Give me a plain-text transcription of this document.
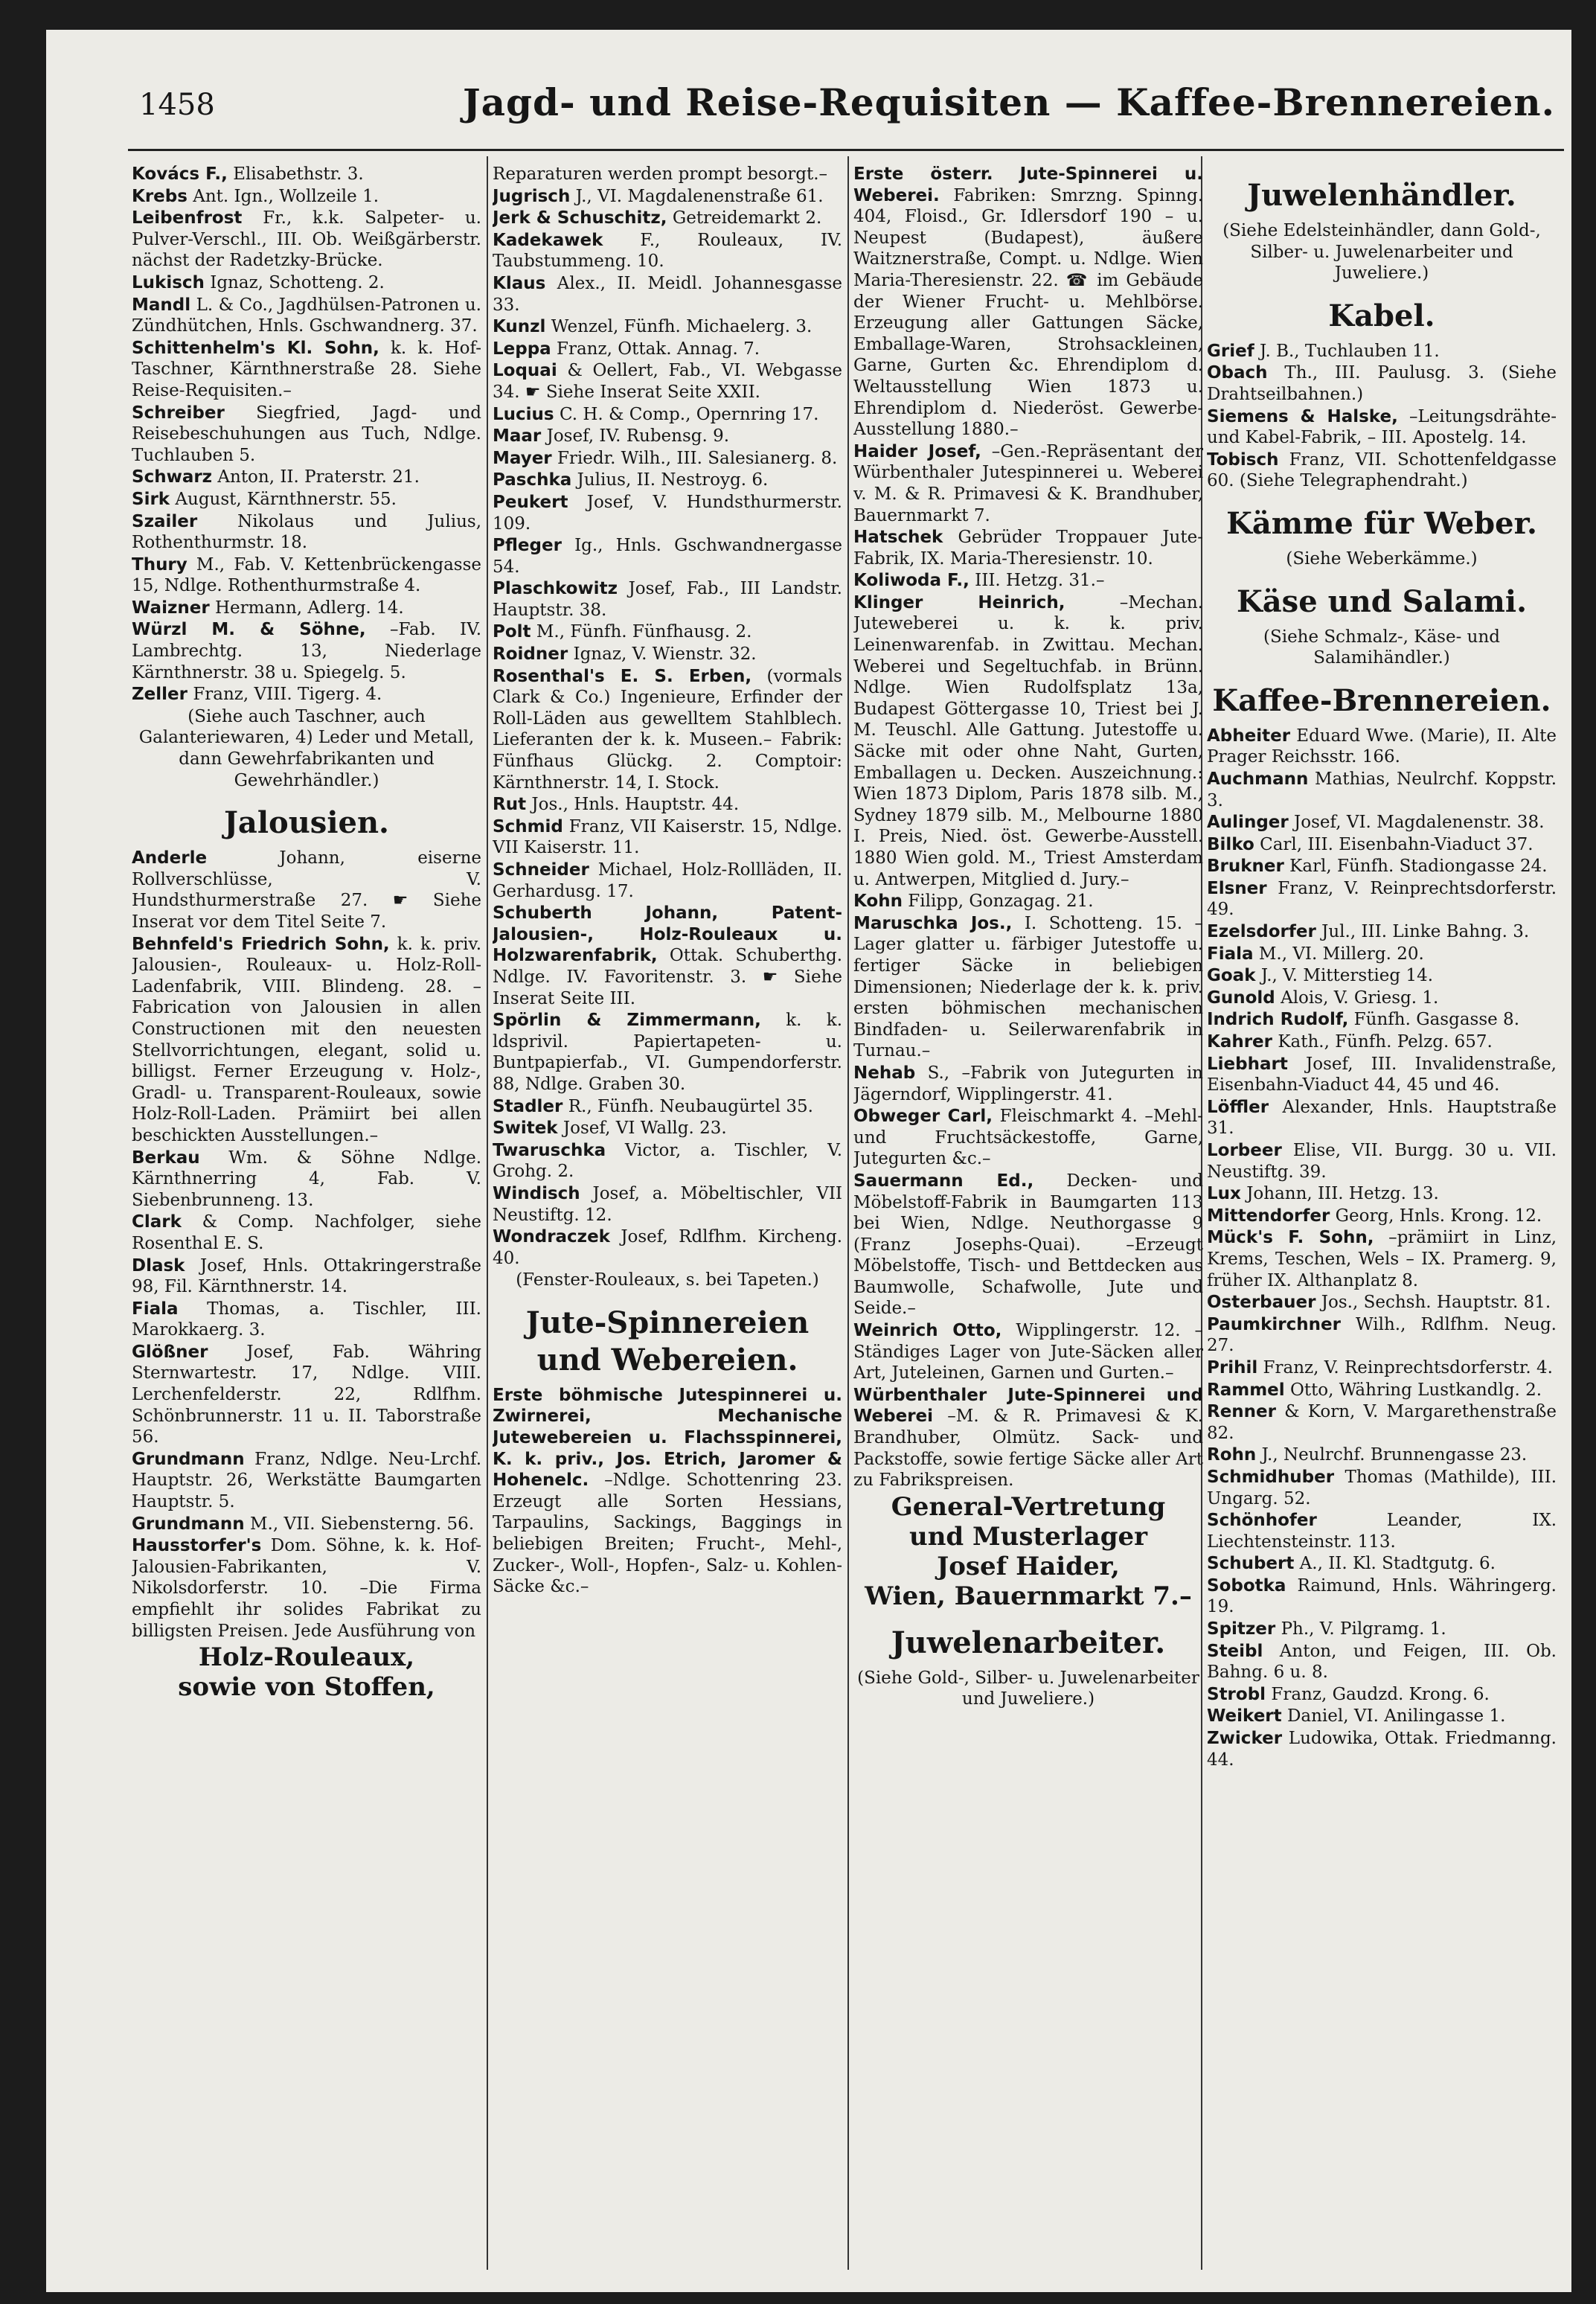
1458	Jagd- und Reise-Requisiten — Kaffee-Brennereien.
Kovács F., Elisabethstr. 3.
Krebs Ant. Ign., Wollzeile 1.
Leibenfrost Fr., k.k. Salpeter- u. Pulver-Verschl., III. Ob. Weißgärberstr. nächst der Radetzky-Brücke.
Lukisch Ignaz, Schotteng. 2.
Mandl L. & Co., Jagdhülsen-Patronen u. Zündhütchen, Hnls. Gschwandnerg. 37.
Schittenhelm's Kl. Sohn, k. k. Hof-Taschner, Kärnthnerstraße 28. Siehe Reise-Requisiten.–
Schreiber Siegfried, Jagd- und Reisebeschuhungen aus Tuch, Ndlge. Tuchlauben 5.
Schwarz Anton, II. Praterstr. 21.
Sirk August, Kärnthnerstr. 55.
Szailer Nikolaus und Julius, Rothenthurmstr. 18.
Thury M., Fab. V. Kettenbrückengasse 15, Ndlge. Rothenthurmstraße 4.
Waizner Hermann, Adlerg. 14.
Würzl M. & Söhne, –Fab. IV. Lambrechtg. 13, Niederlage Kärnthnerstr. 38 u. Spiegelg. 5.
Zeller Franz, VIII. Tigerg. 4.
(Siehe auch Taschner, auch Galanteriewaren, 4) Leder und Metall, dann Gewehrfabrikanten und Gewehrhändler.)
Jalousien.
Anderle	Johann, eiserne Rollverschlüsse, V. Hundsthurmerstraße 27. ☛ Siehe Inserat vor dem Titel Seite 7.
Behnfeld's Friedrich Sohn, k. k. priv. Jalousien-, Rouleaux- u. Holz-Roll-Ladenfabrik, VIII. Blindeng. 28. –Fabrication von Jalousien in allen Constructionen mit den neuesten Stellvorrichtungen, elegant, solid u. billigst. Ferner Erzeugung v. Holz-, Gradl- u. Transparent-Rouleaux, sowie Holz-Roll-Laden. Prämiirt bei allen beschickten Ausstellungen.–
Berkau Wm. & Söhne Ndlge. Kärnthnerring 4, Fab. V. Siebenbrunneng. 13.
Clark & Comp. Nachfolger, siehe Rosenthal E. S.
Dlask Josef, Hnls. Ottakringerstraße 98, Fil. Kärnthnerstr. 14.
Fiala Thomas, a. Tischler, III. Marokkaerg. 3.
Glößner Josef, Fab. Währing Sternwartestr. 17, Ndlge. VIII. Lerchenfelderstr. 22, Rdlfhm. Schönbrunnerstr. 11 u. II. Taborstraße 56.
Grundmann Franz, Ndlge. Neu-Lrchf. Hauptstr. 26, Werkstätte Baumgarten Hauptstr. 5.
Grundmann M., VII. Siebensterng. 56.
Hausstorfer's Dom. Söhne, k. k. Hof-Jalousien-Fabrikanten, V. Nikolsdorferstr. 10. –Die Firma empfiehlt ihr solides Fabrikat zu billigsten Preisen. Jede Ausführung von
Holz-Rouleaux,
sowie von Stoffen,
Reparaturen werden prompt besorgt.–
Jugrisch J., VI. Magdalenenstraße 61.
Jerk & Schuschitz, Getreidemarkt 2.
Kadekawek F., Rouleaux, IV. Taubstummeng. 10.
Klaus Alex., II. Meidl. Johannesgasse 33.
Kunzl Wenzel, Fünfh. Michaelerg. 3.
Leppa Franz, Ottak. Annag. 7.
Loquai & Oellert, Fab., VI. Webgasse 34. ☛ Siehe Inserat Seite XXII.
Lucius C. H. & Comp., Opernring 17.
Maar Josef, IV. Rubensg. 9.
Mayer Friedr. Wilh., III. Salesianerg. 8.
Paschka Julius, II. Nestroyg. 6.
Peukert Josef, V. Hundsthurmerstr. 109.
Pfleger Ig., Hnls. Gschwandnergasse 54.
Plaschkowitz Josef, Fab., III Landstr. Hauptstr. 38.
Polt M., Fünfh. Fünfhausg. 2.
Roidner Ignaz, V. Wienstr. 32.
Rosenthal's E. S. Erben, (vormals Clark & Co.) Ingenieure, Erfinder der Roll-Läden aus gewelltem Stahlblech. Lieferanten der k. k. Museen.– Fabrik: Fünfhaus Glückg. 2. Comptoir: Kärnthnerstr. 14, I. Stock.
Rut Jos., Hnls. Hauptstr. 44.
Schmid Franz, VII Kaiserstr. 15, Ndlge. VII Kaiserstr. 11.
Schneider Michael, Holz-Rollläden, II. Gerhardusg. 17.
Schuberth Johann, Patent-Jalousien-, Holz-Rouleaux u. Holzwarenfabrik, Ottak. Schuberthg. Ndlge. IV. Favoritenstr. 3. ☛ Siehe Inserat Seite III.
Spörlin & Zimmermann, k. k. ldsprivil. Papiertapeten- u. Buntpapierfab., VI. Gumpendorferstr. 88, Ndlge. Graben 30.
Stadler R., Fünfh. Neubaugürtel 35.
Switek Josef, VI Wallg. 23.
Twaruschka Victor, a. Tischler, V. Grohg. 2.
Windisch Josef, a. Möbeltischler, VII Neustiftg. 12.
Wondraczek Josef, Rdlfhm. Kircheng. 40.
(Fenster-Rouleaux, s. bei Tapeten.)
Jute-Spinnereien und Webereien.
Erste böhmische Jutespinnerei u. Zwirnerei, Mechanische Jutewebereien u. Flachsspinnerei, K. k. priv., Jos. Etrich, Jaromer & Hohenelc. –Ndlge. Schottenring 23. Erzeugt alle Sorten Hessians, Tarpaulins, Sackings, Baggings in beliebigen Breiten; Frucht-, Mehl-, Zucker-, Woll-, Hopfen-, Salz- u. Kohlen-Säcke &c.–
Erste österr. Jute-Spinnerei u. Weberei. Fabriken: Smrzng. Spinng. 404, Floisd., Gr. Idlersdorf 190 – u. Neupest (Budapest), äußere Waitznerstraße, Compt. u. Ndlge. Wien Maria-Theresienstr. 22. ☎ im Gebäude der Wiener Frucht- u. Mehlbörse. Erzeugung aller Gattungen Säcke, Emballage-Waren, Strohsackleinen, Garne, Gurten &c. Ehrendiplom d. Weltausstellung Wien 1873 u. Ehrendiplom d. Niederöst. Gewerbe-Ausstellung 1880.–
Haider Josef, –Gen.-Repräsentant der Würbenthaler Jutespinnerei u. Weberei v. M. & R. Primavesi & K. Brandhuber, Bauernmarkt 7.
Hatschek Gebrüder Troppauer Jute-Fabrik, IX. Maria-Theresienstr. 10.
Koliwoda F., III. Hetzg. 31.–
Klinger Heinrich,	–Mechan. Juteweberei u. k. k. priv. Leinenwarenfab. in Zwittau. Mechan. Weberei und Segeltuchfab. in Brünn. Ndlge. Wien Rudolfsplatz 13a, Budapest Göttergasse 10, Triest bei J. M. Teuschl. Alle Gattung. Jutestoffe u. Säcke mit oder ohne Naht, Gurten, Emballagen u. Decken. Auszeichnung.: Wien 1873 Diplom, Paris 1878 silb. M., Sydney 1879 silb. M., Melbourne 1880 I. Preis, Nied. öst. Gewerbe-Ausstell. 1880 Wien gold. M., Triest Amsterdam u. Antwerpen, Mitglied d. Jury.–
Kohn Filipp, Gonzagag. 21.
Maruschka Jos., I. Schotteng. 15. –Lager glatter u. färbiger Jutestoffe u. fertiger Säcke in beliebigen Dimensionen; Niederlage der k. k. priv. ersten böhmischen mechanischen Bindfaden- u. Seilerwarenfabrik in Turnau.–
Nehab S., –Fabrik von Jutegurten in Jägerndorf, Wipplingerstr. 41.
Obweger Carl, Fleischmarkt 4. –Mehl- und Fruchtsäckestoffe, Garne, Jutegurten &c.–
Sauermann Ed., Decken- und Möbelstoff-Fabrik in Baumgarten 113 bei Wien, Ndlge. Neuthorgasse 9 (Franz Josephs-Quai). –Erzeugt Möbelstoffe, Tisch- und Bettdecken aus Baumwolle, Schafwolle, Jute und Seide.–
Weinrich Otto, Wipplingerstr. 12. –Ständiges Lager von Jute-Säcken aller Art, Juteleinen, Garnen und Gurten.–
Würbenthaler Jute-Spinnerei und Weberei –M. & R. Primavesi & K. Brandhuber, Olmütz. Sack- und Packstoffe, sowie fertige Säcke aller Art zu Fabrikspreisen.
General-Vertretung
und Musterlager
Josef Haider,
Wien, Bauernmarkt 7.–
Juwelenarbeiter.
(Siehe Gold-, Silber- u. Juwelenarbeiter und Juweliere.)
Juwelenhändler.
(Siehe Edelsteinhändler, dann Gold-, Silber- u. Juwelenarbeiter und Juweliere.)
Kabel.
Grief J. B., Tuchlauben 11.
Obach Th., III. Paulusg. 3. (Siehe Drahtseilbahnen.)
Siemens & Halske, –Leitungsdrähte- und Kabel-Fabrik, – III. Apostelg. 14.
Tobisch Franz, VII. Schottenfeldgasse 60. (Siehe Telegraphendraht.)
Kämme für Weber.
(Siehe Weberkämme.)
Käse und Salami.
(Siehe Schmalz-, Käse- und Salamihändler.)
Kaffee-Brennereien.
Abheiter Eduard Wwe. (Marie), II. Alte Prager Reichsstr. 166.
Auchmann Mathias, Neulrchf. Koppstr. 3.
Aulinger Josef, VI. Magdalenenstr. 38.
Bilko Carl, III. Eisenbahn-Viaduct 37.
Brukner Karl, Fünfh. Stadiongasse 24.
Elsner Franz, V. Reinprechtsdorferstr. 49.
Ezelsdorfer Jul., III. Linke Bahng. 3.
Fiala M., VI. Millerg. 20.
Goak J., V. Mitterstieg 14.
Gunold Alois, V. Griesg. 1.
Indrich Rudolf, Fünfh. Gasgasse 8.
Kahrer Kath., Fünfh. Pelzg. 657.
Liebhart Josef, III. Invalidenstraße, Eisenbahn-Viaduct 44, 45 und 46.
Löffler Alexander, Hnls. Hauptstraße 31.
Lorbeer Elise, VII. Burgg. 30 u. VII. Neustiftg. 39.
Lux Johann, III. Hetzg. 13.
Mittendorfer Georg, Hnls. Krong. 12.
Mück's F. Sohn, –prämiirt in Linz, Krems, Teschen, Wels – IX. Pramerg. 9, früher IX. Althanplatz 8.
Osterbauer Jos., Sechsh. Hauptstr. 81.
Paumkirchner Wilh., Rdlfhm. Neug. 27.
Prihil Franz, V. Reinprechtsdorferstr. 4.
Rammel Otto, Währing Lustkandlg. 2.
Renner & Korn, V. Margarethenstraße 82.
Rohn J., Neulrchf. Brunnengasse 23.
Schmidhuber Thomas (Mathilde), III. Ungarg. 52.
Schönhofer	Leander, IX. Liechtensteinstr. 113.
Schubert A., II. Kl. Stadtgutg. 6.
Sobotka Raimund, Hnls. Währingerg. 19.
Spitzer Ph., V. Pilgramg. 1.
Steibl Anton, und Feigen, III. Ob. Bahng. 6 u. 8.
Strobl Franz, Gaudzd. Krong. 6.
Weikert Daniel, VI. Anilingasse 1.
Zwicker Ludowika, Ottak. Friedmanng. 44.
